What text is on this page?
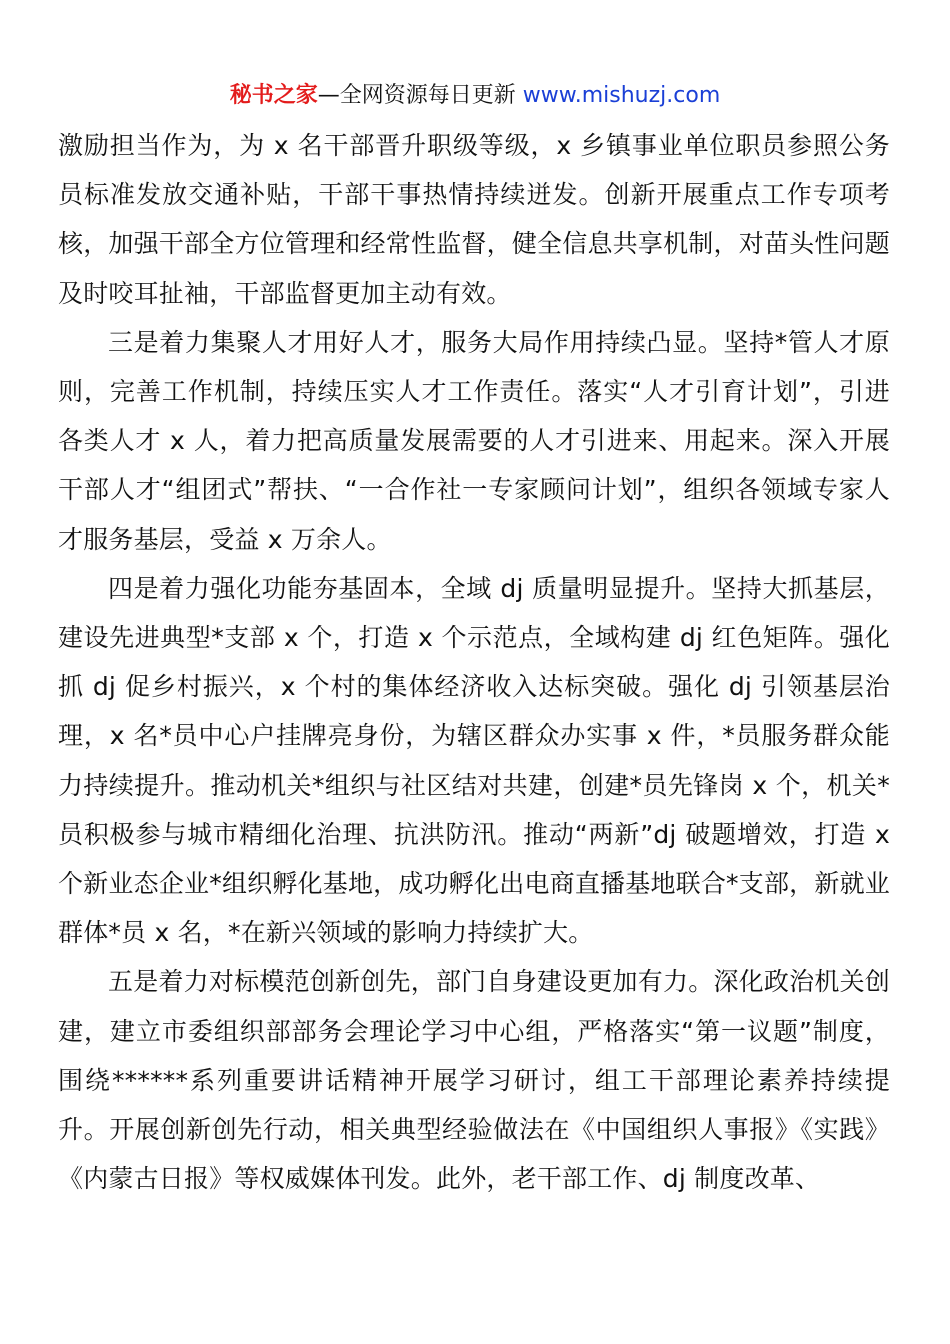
秘书之家—全网资源每日更新 www.mishuzj.com

激励担当作为，为 x 名干部晋升职级等级，x 乡镇事业单位职员参照公务员标准发放交通补贴，干部干事热情持续迸发。创新开展重点工作专项考核，加强干部全方位管理和经常性监督，健全信息共享机制，对苗头性问题及时咬耳扯袖，干部监督更加主动有效。

三是着力集聚人才用好人才，服务大局作用持续凸显。坚持*管人才原则，完善工作机制，持续压实人才工作责任。落实“人才引育计划”，引进各类人才 x 人，着力把高质量发展需要的人才引进来、用起来。深入开展干部人才“组团式”帮扶、“一合作社一专家顾问计划”，组织各领域专家人才服务基层，受益 x 万余人。

四是着力强化功能夯基固本，全域 dj 质量明显提升。坚持大抓基层，建设先进典型*支部 x 个，打造 x 个示范点，全域构建 dj 红色矩阵。强化抓 dj 促乡村振兴，x 个村的集体经济收入达标突破。强化 dj 引领基层治理，x 名*员中心户挂牌亮身份，为辖区群众办实事 x 件，*员服务群众能力持续提升。推动机关*组织与社区结对共建，创建*员先锋岗 x 个，机关*员积极参与城市精细化治理、抗洪防汛。推动“两新”dj 破题增效，打造 x 个新业态企业*组织孵化基地，成功孵化出电商直播基地联合*支部，新就业群体*员 x 名，*在新兴领域的影响力持续扩大。

五是着力对标模范创新创先，部门自身建设更加有力。深化政治机关创建，建立市委组织部部务会理论学习中心组，严格落实“第一议题”制度，围绕******系列重要讲话精神开展学习研讨，组工干部理论素养持续提升。开展创新创先行动，相关典型经验做法在《中国组织人事报》《实践》《内蒙古日报》等权威媒体刊发。此外，老干部工作、dj 制度改革、
